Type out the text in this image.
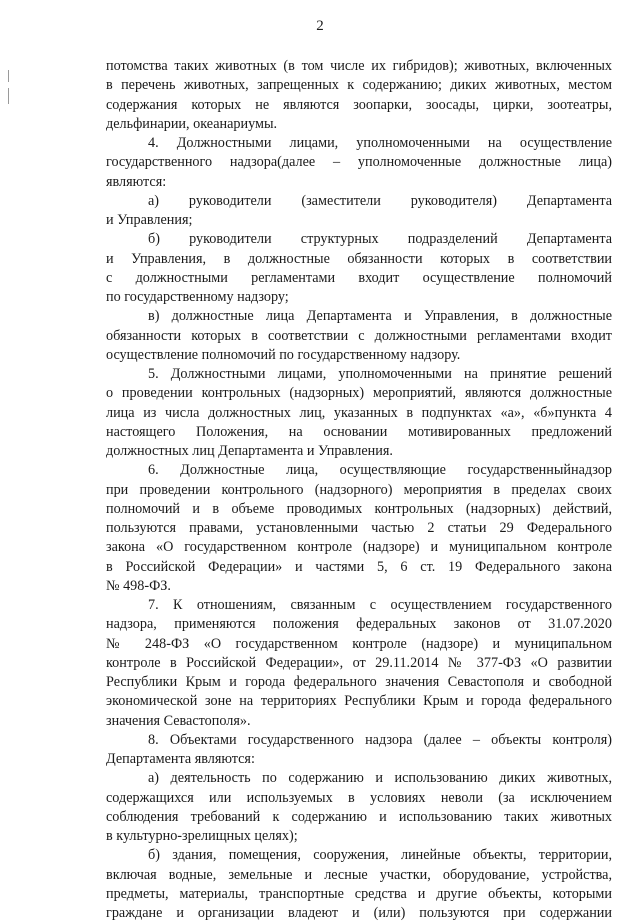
2
потомства таких животных (в том числе их гибридов); животных, включенных
в перечень животных, запрещенных к содержанию; диких животных, местом
содержания которых не являются зоопарки, зоосады, цирки, зоотеатры,
дельфинарии, океанариумы.
4. Должностными лицами, уполномоченными на осуществление
государственного надзора(далее – уполномоченные должностные лица)
являются:
а) руководители (заместители руководителя) Департамента
и Управления;
б) руководители структурных подразделений Департамента
и Управления, в должностные обязанности которых в соответствии
с должностными регламентами входит осуществление полномочий
по государственному надзору;
в) должностные лица Департамента и Управления, в должностные
обязанности которых в соответствии с должностными регламентами входит
осуществление полномочий по государственному надзору.
5. Должностными лицами, уполномоченными на принятие решений
о проведении контрольных (надзорных) мероприятий, являются должностные
лица из числа должностных лиц, указанных в подпунктах «а», «б»пункта 4
настоящего Положения, на основании мотивированных предложений
должностных лиц Департамента и Управления.
6. Должностные лица, осуществляющие государственныйнадзор
при проведении контрольного (надзорного) мероприятия в пределах своих
полномочий и в объеме проводимых контрольных (надзорных) действий,
пользуются правами, установленными частью 2 статьи 29 Федерального
закона «О государственном контроле (надзоре) и муниципальном контроле
в Российской Федерации» и частями 5, 6 ст. 19 Федерального закона
№ 498-ФЗ.
7. К отношениям, связанным с осуществлением государственного
надзора, применяются положения федеральных законов от 31.07.2020
№ 248-ФЗ «О государственном контроле (надзоре) и муниципальном
контроле в Российской Федерации», от 29.11.2014 № 377-ФЗ «О развитии
Республики Крым и города федерального значения Севастополя и свободной
экономической зоне на территориях Республики Крым и города федерального
значения Севастополя».
8. Объектами государственного надзора (далее – объекты контроля)
Департамента являются:
а) деятельность по содержанию и использованию диких животных,
содержащихся или используемых в условиях неволи (за исключением
соблюдения требований к содержанию и использованию таких животных
в культурно-зрелищных целях);
б) здания, помещения, сооружения, линейные объекты, территории,
включая водные, земельные и лесные участки, оборудование, устройства,
предметы, материалы, транспортные средства и другие объекты, которыми
граждане и организации владеют и (или) пользуются при содержании
